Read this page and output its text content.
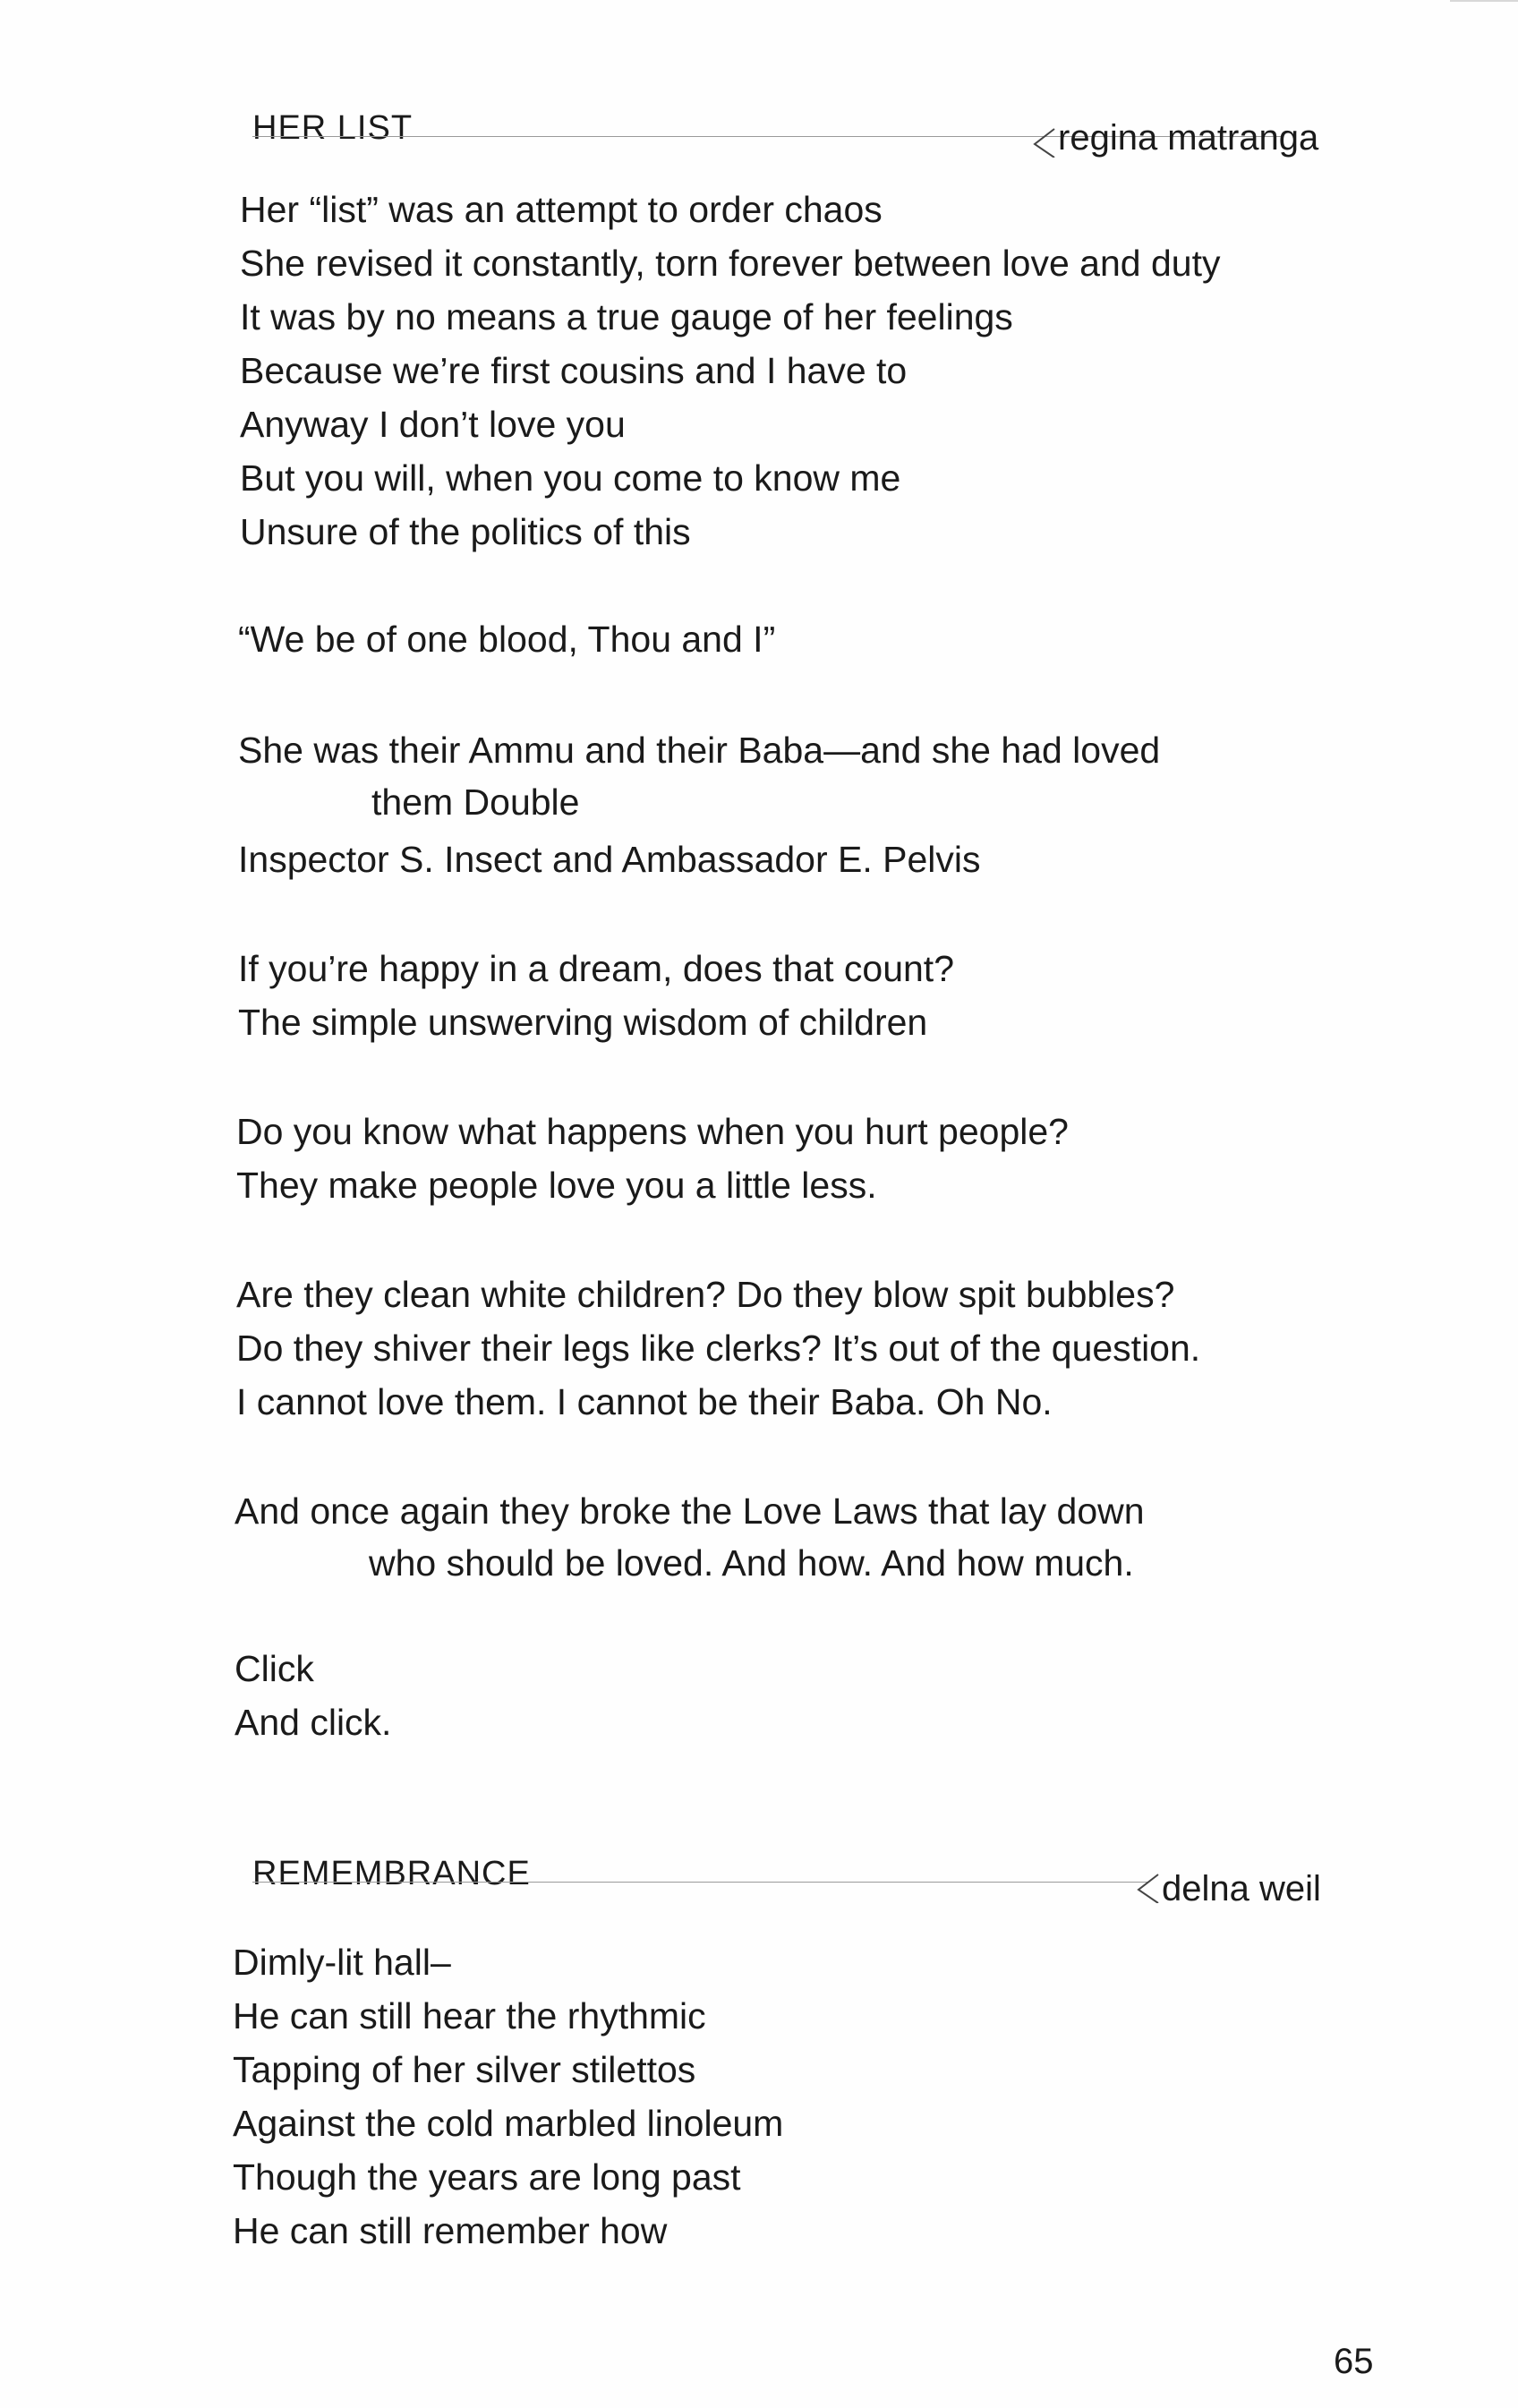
HER LIST	regina matranga
Her “list” was an attempt to order chaos
She revised it constantly, torn forever between love and duty
It was by no means a true gauge of her feelings
Because we’re first cousins and I have to
Anyway I don’t love you
But you will, when you come to know me
Unsure of the politics of this
“We be of one blood, Thou and I”
She was their Ammu and their Baba—and she had loved
them Double
Inspector S. Insect and Ambassador E. Pelvis
If you’re happy in a dream, does that count?
The simple unswerving wisdom of children
Do you know what happens when you hurt people?
They make people love you a little less.
Are they clean white children? Do they blow spit bubbles?
Do they shiver their legs like clerks? It’s out of the question.
I cannot love them. I cannot be their Baba. Oh No.
And once again they broke the Love Laws that lay down
who should be loved. And how. And how much.
Click
And click.
REMEMBRANCE	delna weil
Dimly-lit hall–
He can still hear the rhythmic
Tapping of her silver stilettos
Against the cold marbled linoleum
Though the years are long past
He can still remember how
65
